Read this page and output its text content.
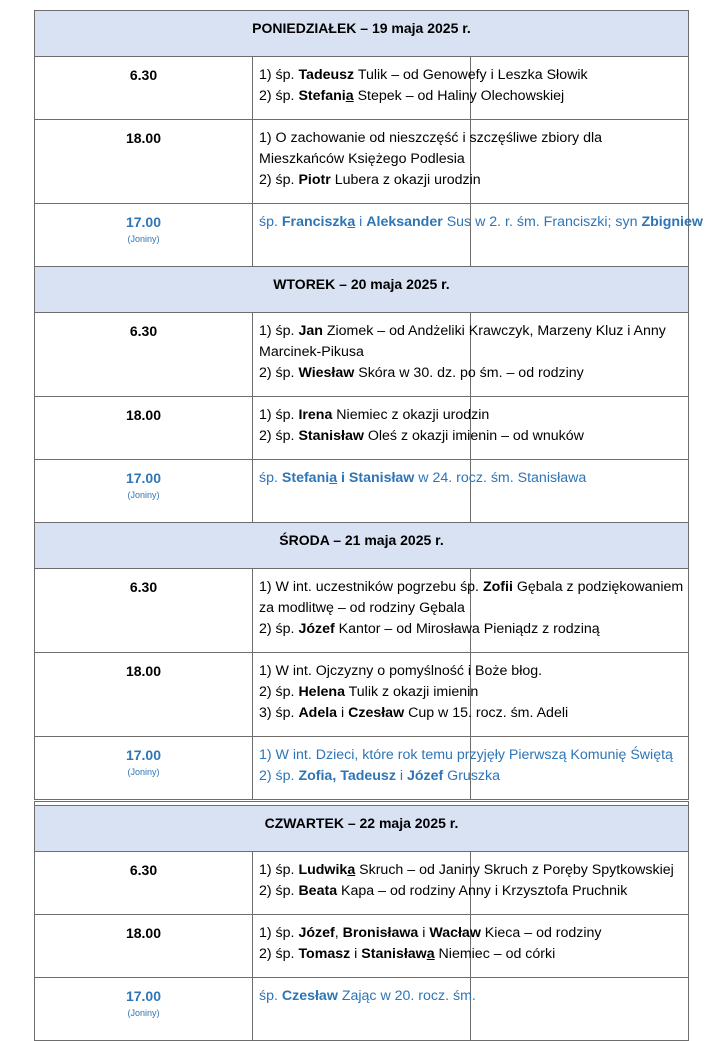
PONIEDZIAŁEK – 19 maja 2025 r.		
6.30	1) śp. Tadeusz Tulik – od Genowefy i Leszka Słowik
2) śp. Stefania Stepek – od Haliny Olechowskiej	

18.00	1) O zachowanie od nieszczęść i szczęśliwe zbiory dla
Mieszkańców Księżego Podlesia
2) śp. Piotr Lubera z okazji urodzin	

17.00
(Joniny)	śp. Franciszka i Aleksander Sus w 2. r. śm. Franciszki; syn Zbigniew	

WTOREK – 20 maja 2025 r.		
6.30	1) śp. Jan Ziomek – od Andżeliki Krawczyk, Marzeny Kluz i Anny
Marcinek-Pikusa
2) śp. Wiesław Skóra w 30. dz. po śm. – od rodziny	

18.00	1) śp. Irena Niemiec z okazji urodzin
2) śp. Stanisław Oleś z okazji imienin – od wnuków	

17.00
(Joniny)	śp. Stefania i Stanisław w 24. rocz. śm. Stanisława	

ŚRODA – 21 maja 2025 r.		
6.30	1) W int. uczestników pogrzebu śp. Zofii Gębala z podziękowaniem
za modlitwę – od rodziny Gębala
2) śp. Józef Kantor – od Mirosława Pieniądz z rodziną	

18.00	1) W int. Ojczyzny o pomyślność i Boże błog.
2) śp. Helena Tulik z okazji imienin
3) śp. Adela i Czesław Cup w 15. rocz. śm. Adeli	

17.00
(Joniny)	1) W int. Dzieci, które rok temu przyjęły Pierwszą Komunię Świętą
2) śp. Zofia, Tadeusz i Józef Gruszka	

CZWARTEK – 22 maja 2025 r.		
6.30	1) śp. Ludwika Skruch – od Janiny Skruch z Poręby Spytkowskiej
2) śp. Beata Kapa – od rodziny Anny i Krzysztofa Pruchnik	

18.00	1) śp. Józef, Bronisława i Wacław Kieca – od rodziny
2) śp. Tomasz i Stanisława Niemiec – od córki	

17.00
(Joniny)	śp. Czesław Zając w 20. rocz. śm.	
